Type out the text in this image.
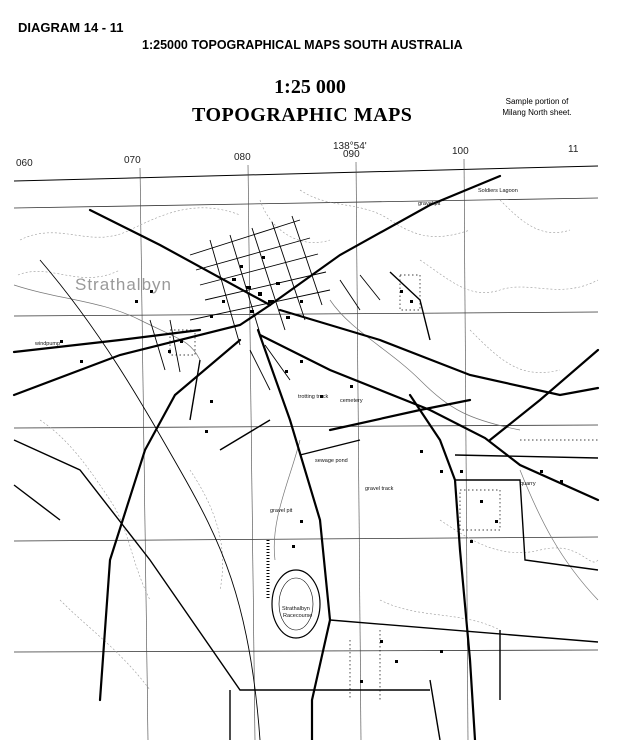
DIAGRAM 14 - 11
1:25000 TOPOGRAPHICAL MAPS SOUTH AUSTRALIA
1:25 000
TOPOGRAPHIC MAPS
Sample portion of
Milang North sheet.
138°54'
060	070	080	090	100	11
Strathalbyn
Racecourse
Strathalbyn
Soldiers Lagoon
gravel pit
cemetery
trotting track
gravel pit
gravel track
sewage pond
quarry
windpump
